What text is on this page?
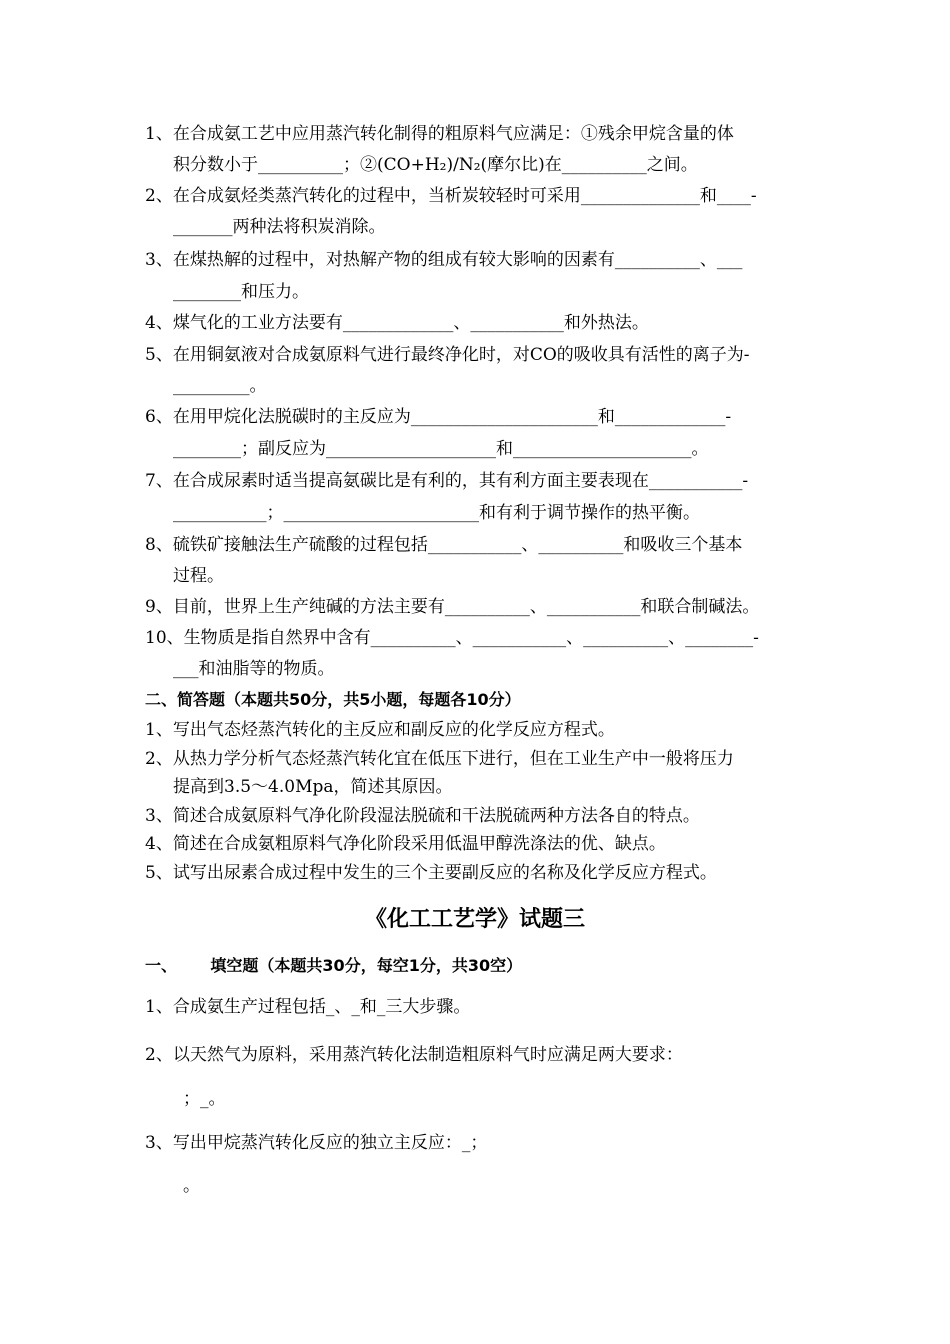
1、在合成氨工艺中应用蒸汽转化制得的粗原料气应满足：①残余甲烷含量的体
积分数小于__________；②(CO+H₂)/N₂(摩尔比)在__________之间。
2、在合成氨烃类蒸汽转化的过程中，当析炭较轻时可采用______________和____-
_______两种法将积炭消除。
3、在煤热解的过程中，对热解产物的组成有较大影响的因素有__________、___
________和压力。
4、煤气化的工业方法要有_____________、___________和外热法。
5、在用铜氨液对合成氨原料气进行最终净化时，对CO的吸收具有活性的离子为-
_________。
6、在用甲烷化法脱碳时的主反应为______________________和_____________-
________；副反应为____________________和_____________________。
7、在合成尿素时适当提高氨碳比是有利的，其有利方面主要表现在___________-
___________；_______________________和有利于调节操作的热平衡。
8、硫铁矿接触法生产硫酸的过程包括___________、__________和吸收三个基本
过程。
9、目前，世界上生产纯碱的方法主要有__________、___________和联合制碱法。
10、生物质是指自然界中含有__________、___________、__________、________-
___和油脂等的物质。
二、简答题（本题共50分，共5小题，每题各10分）
1、写出气态烃蒸汽转化的主反应和副反应的化学反应方程式。
2、从热力学分析气态烃蒸汽转化宜在低压下进行，但在工业生产中一般将压力
提高到3.5～4.0Mpa，简述其原因。
3、简述合成氨原料气净化阶段湿法脱硫和干法脱硫两种方法各自的特点。
4、简述在合成氨粗原料气净化阶段采用低温甲醇洗涤法的优、缺点。
5、试写出尿素合成过程中发生的三个主要副反应的名称及化学反应方程式。
《化工工艺学》试题三
一、      填空题（本题共30分，每空1分，共30空）
1、合成氨生产过程包括_、_和_三大步骤。
2、以天然气为原料，采用蒸汽转化法制造粗原料气时应满足两大要求：
；_。
3、写出甲烷蒸汽转化反应的独立主反应：_；
。
